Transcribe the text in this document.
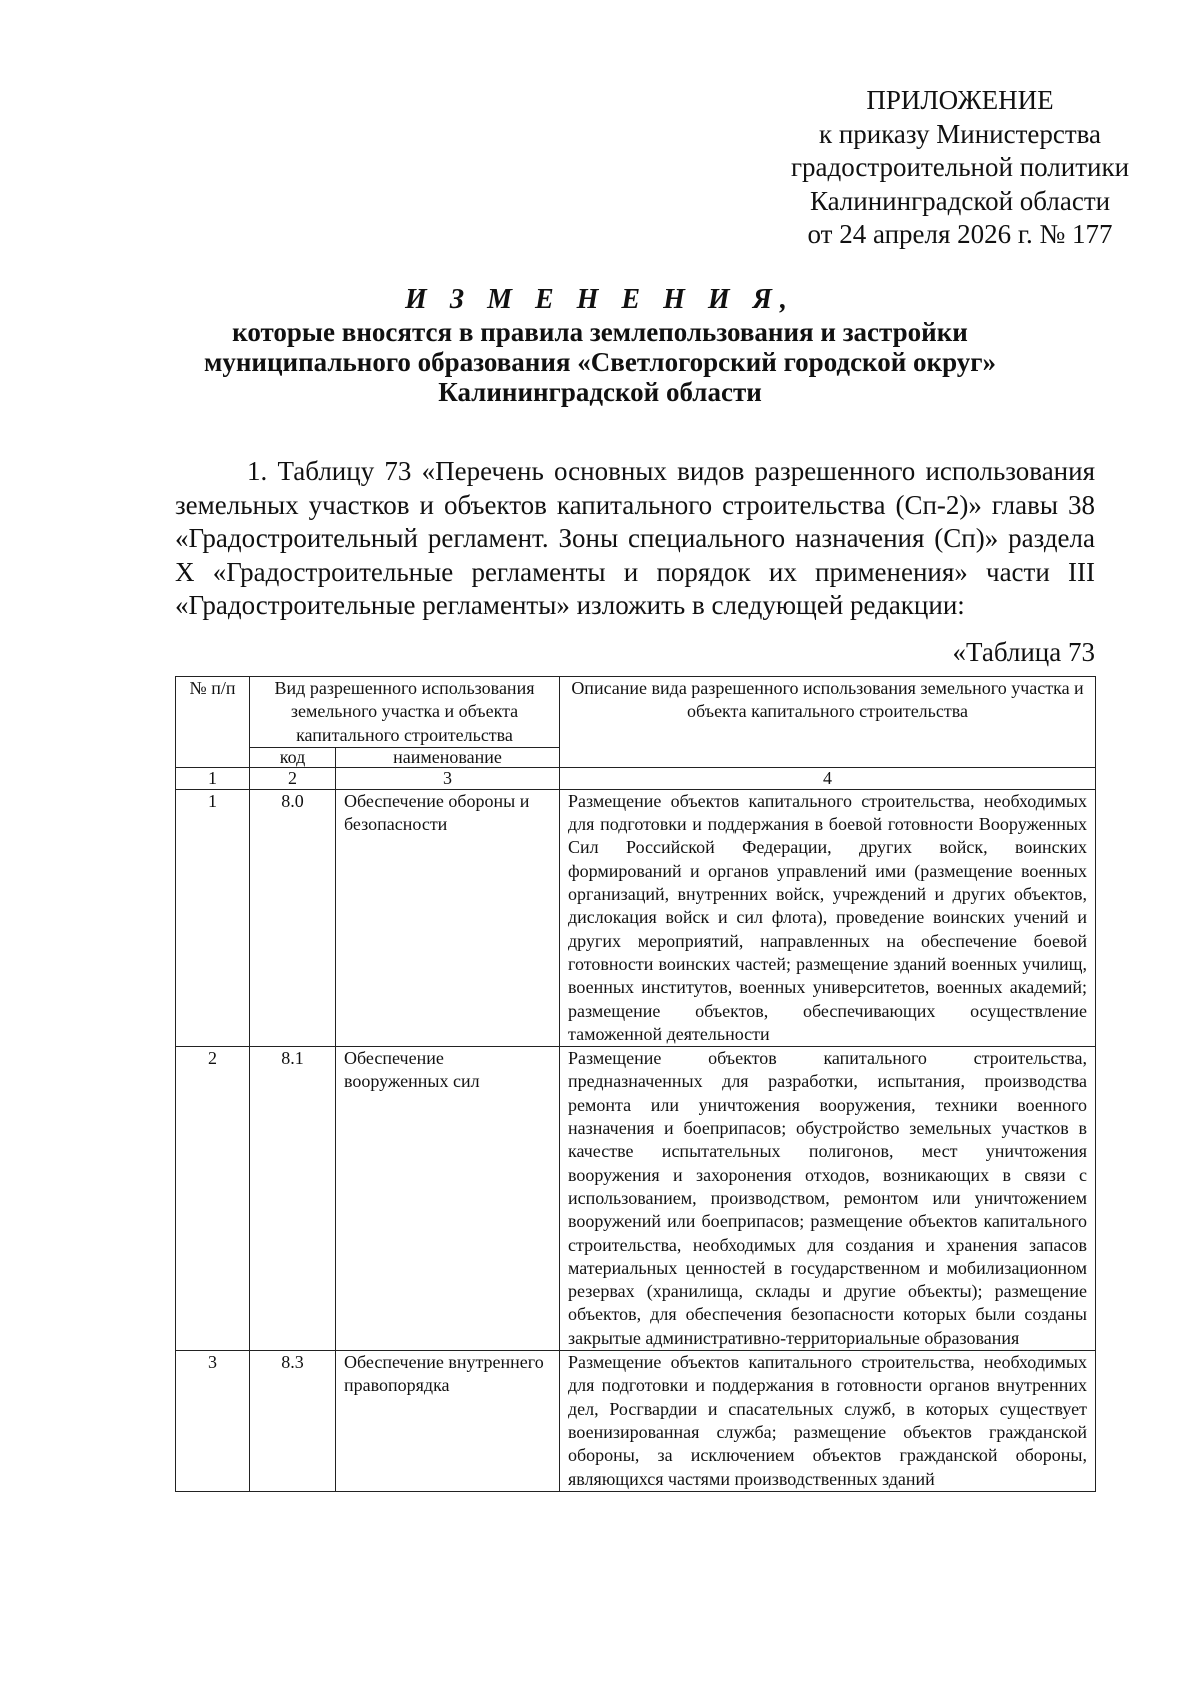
ПРИЛОЖЕНИЕ
к приказу Министерства
градостроительной политики
Калининградской области
от 24 апреля 2026 г. № 177
И З М Е Н Е Н И Я,
которые вносятся в правила землепользования и застройки
муниципального образования «Светлогорский городской округ»
Калининградской области
1. Таблицу 73 «Перечень основных видов разрешенного использования земельных участков и объектов капитального строительства (Сп-2)» главы 38 «Градостроительный регламент. Зоны специального назначения (Сп)» раздела X «Градостроительные регламенты и порядок их применения» части III «Градостроительные регламенты» изложить в следующей редакции:
«Таблица 73
№ п/п	Вид разрешенного использования земельного участка и объекта капитального строительства		Описание вида разрешенного использования земельного участка и объекта капитального строительства
	код	наименование	
1	2	3	4
1	8.0	Обеспечение обороны и безопасности	Размещение объектов капитального строительства, необходимых для подготовки и поддержания в боевой готовности Вооруженных Сил Российской Федерации, других войск, воинских формирований и органов управлений ими (размещение военных организаций, внутренних войск, учреждений и других объектов, дислокация войск и сил флота), проведение воинских учений и других мероприятий, направленных на обеспечение боевой готовности воинских частей; размещение зданий военных училищ, военных институтов, военных университетов, военных академий; размещение объектов, обеспечивающих осуществление таможенной деятельности
2	8.1	Обеспечение вооруженных сил	Размещение объектов капитального строительства, предназначенных для разработки, испытания, производства ремонта или уничтожения вооружения, техники военного назначения и боеприпасов; обустройство земельных участков в качестве испытательных полигонов, мест уничтожения вооружения и захоронения отходов, возникающих в связи с использованием, производством, ремонтом или уничтожением вооружений или боеприпасов; размещение объектов капитального строительства, необходимых для создания и хранения запасов материальных ценностей в государственном и мобилизационном резервах (хранилища, склады и другие объекты); размещение объектов, для обеспечения безопасности которых были созданы закрытые административно-территориальные образования
3	8.3	Обеспечение внутреннего правопорядка	Размещение объектов капитального строительства, необходимых для подготовки и поддержания в готовности органов внутренних дел, Росгвардии и спасательных служб, в которых существует военизированная служба; размещение объектов гражданской обороны, за исключением объектов гражданской обороны, являющихся частями производственных зданий
